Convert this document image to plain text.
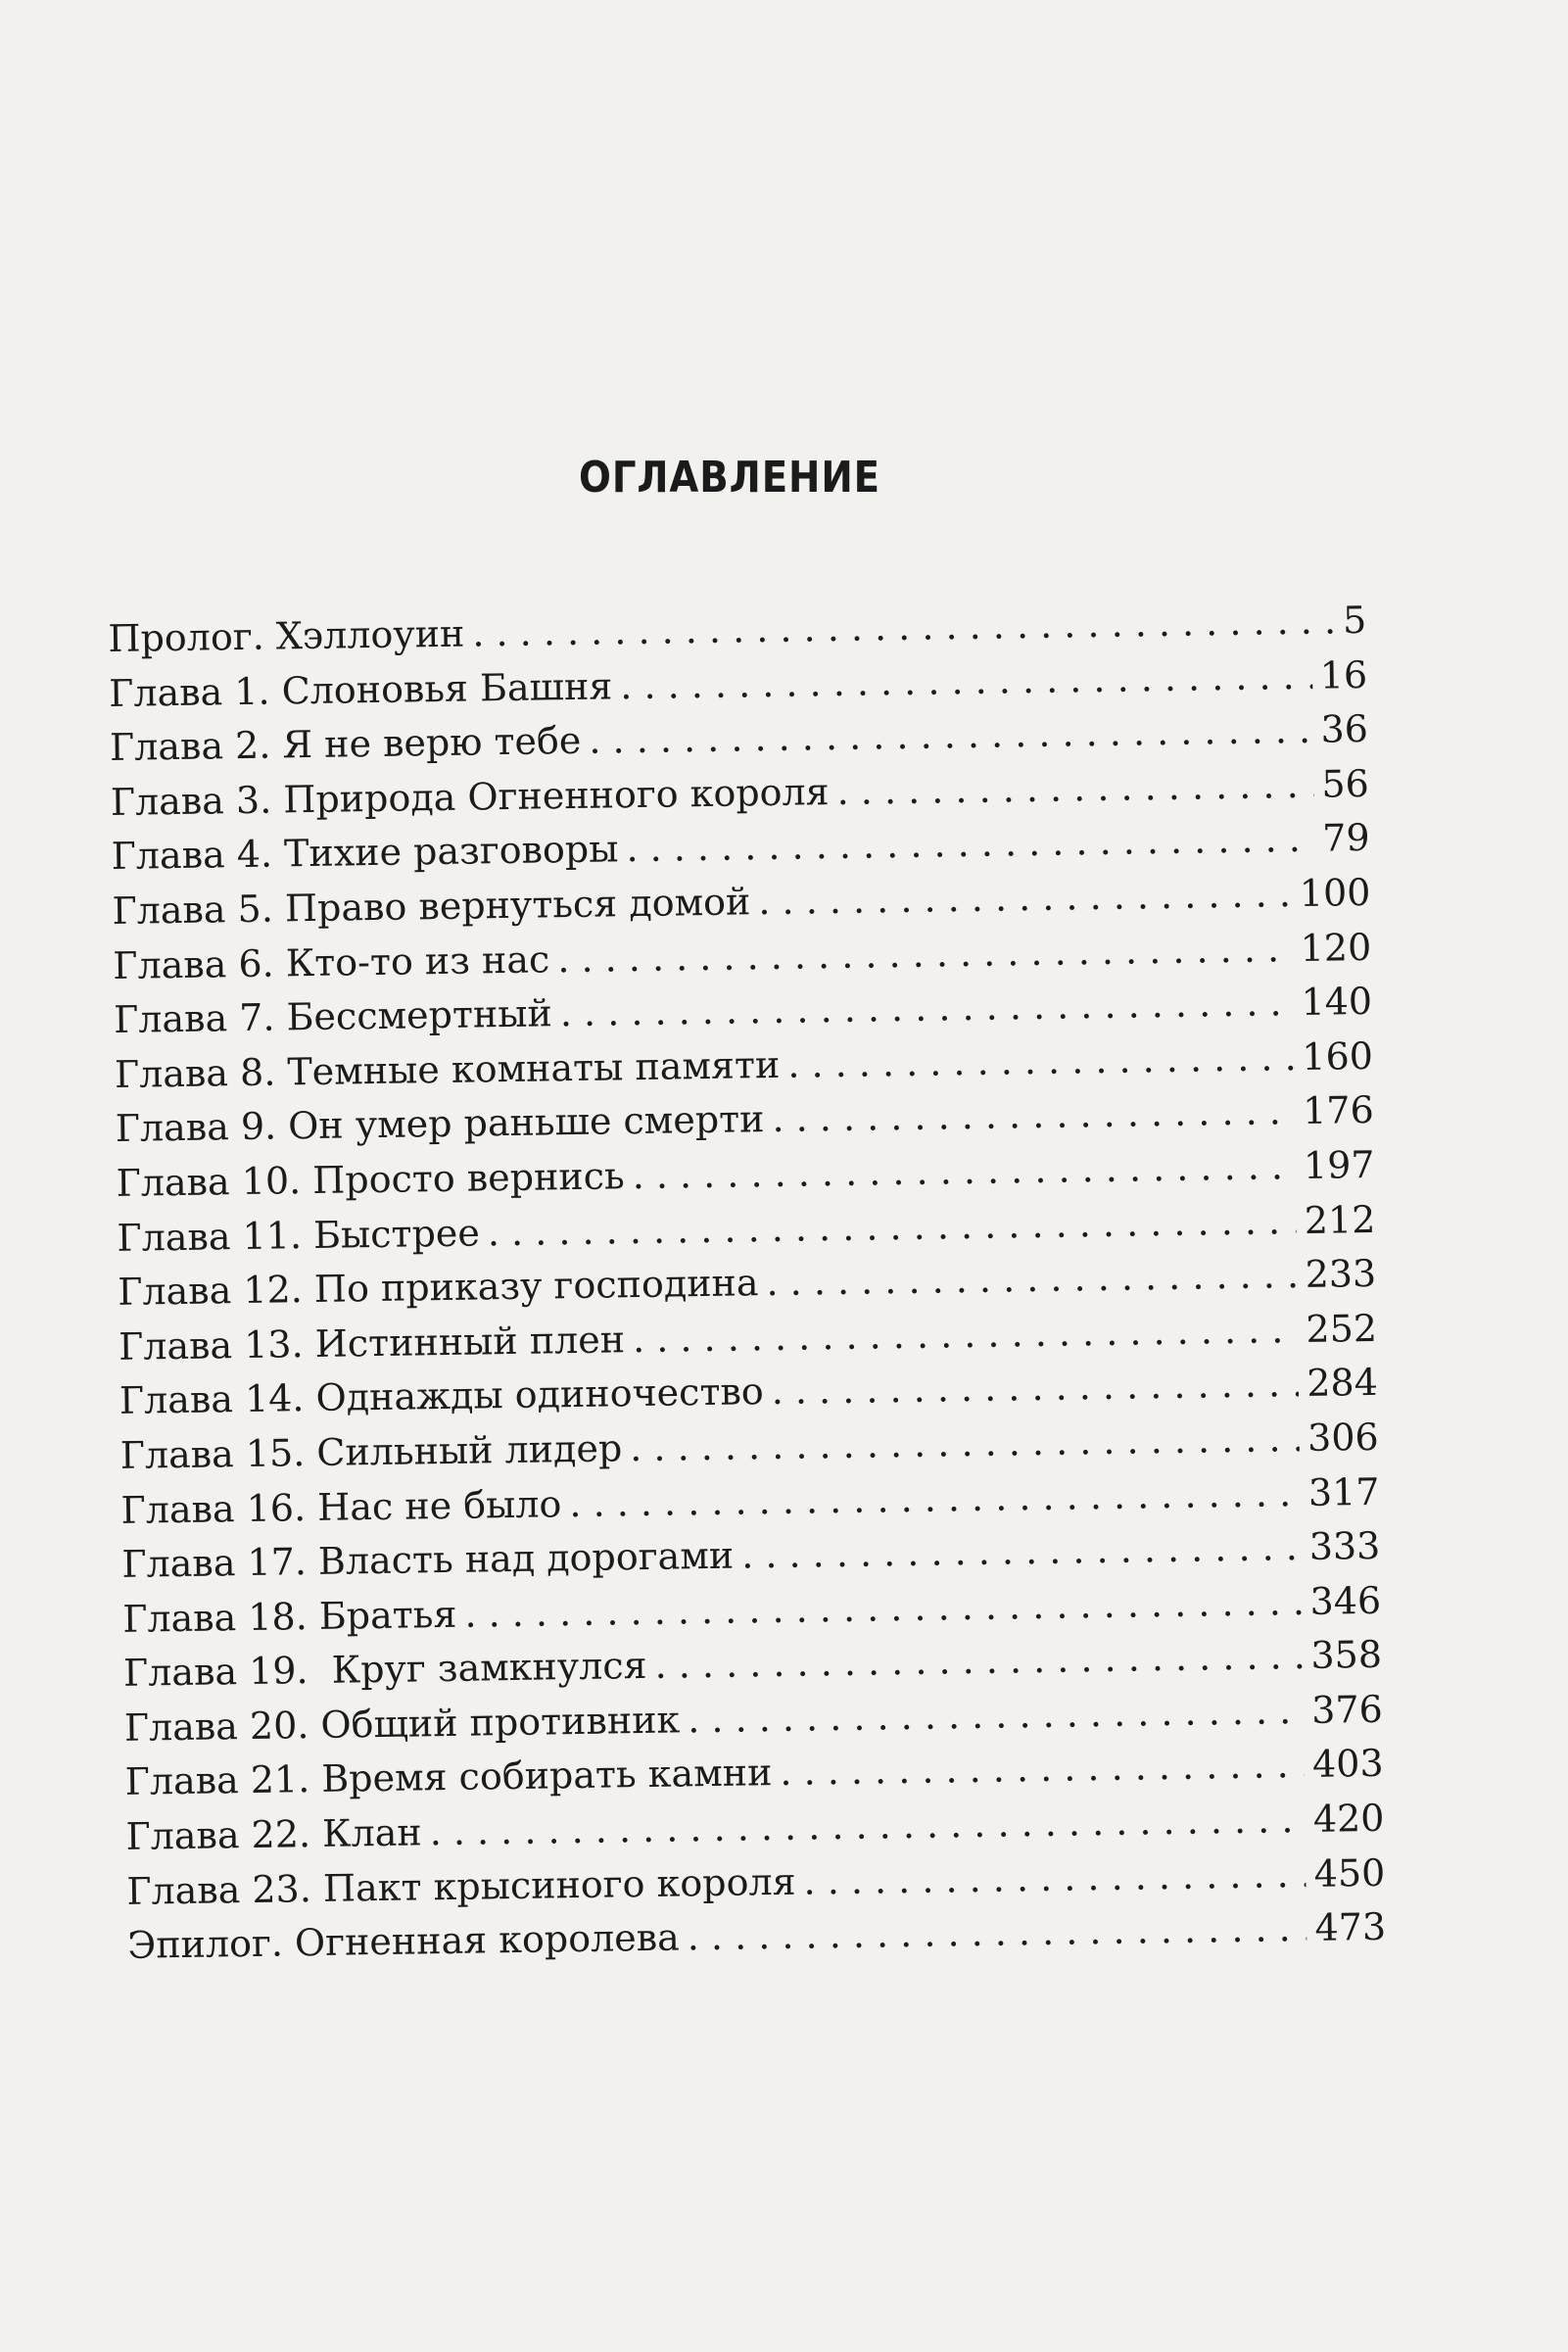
ОГЛАВЛЕНИЕ
Пролог. Хэллоуин . . .	5
Глава 1. Слоновья Башня . . .	16
Глава 2. Я не верю тебе . . .	36
Глава 3. Природа Огненного короля . . .	56
Глава 4. Тихие разговоры . . .	79
Глава 5. Право вернуться домой . . .	100
Глава 6. Кто-то из нас . . .	120
Глава 7. Бессмертный . . .	140
Глава 8. Темные комнаты памяти . . .	160
Глава 9. Он умер раньше смерти . . .	176
Глава 10. Просто вернись . . .	197
Глава 11. Быстрее . . .	212
Глава 12. По приказу господина . . .	233
Глава 13. Истинный плен . . .	252
Глава 14. Однажды одиночество . . .	284
Глава 15. Сильный лидер . . .	306
Глава 16. Нас не было . . .	317
Глава 17. Власть над дорогами . . .	333
Глава 18. Братья . . .	346
Глава 19.  Круг замкнулся . . .	358
Глава 20. Общий противник . . .	376
Глава 21. Время собирать камни . . .	403
Глава 22. Клан . . .	420
Глава 23. Пакт крысиного короля . . .	450
Эпилог. Огненная королева . . .	473
